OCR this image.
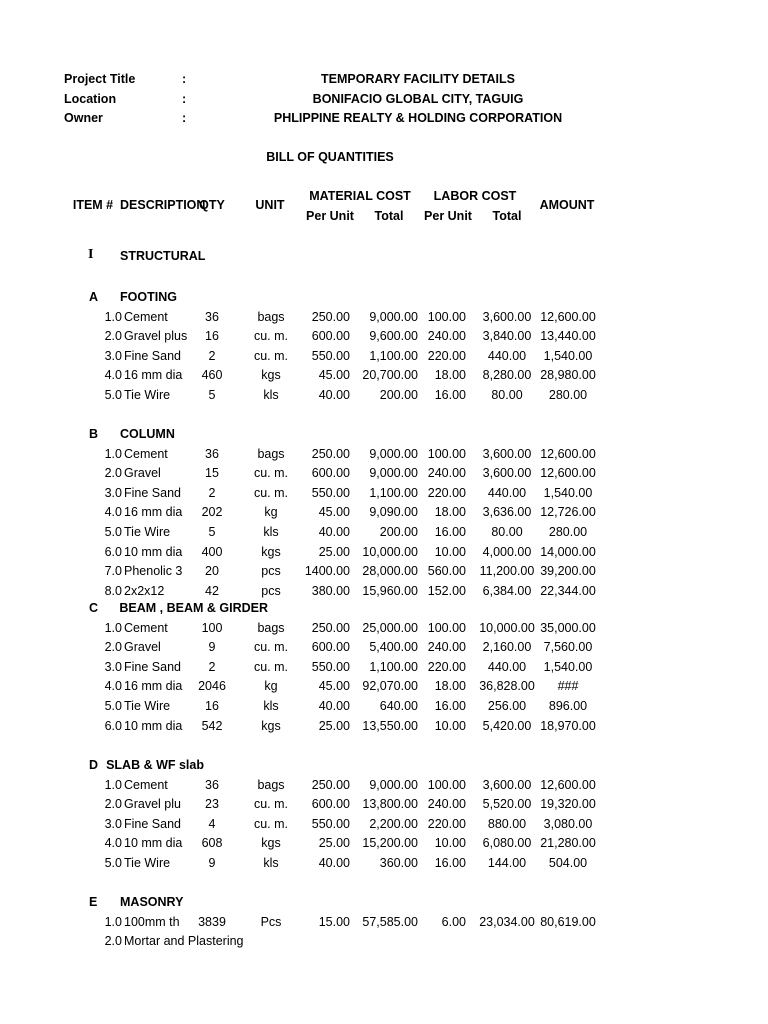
Project Title	:	TEMPORARY FACILITY DETAILS
Location	:	BONIFACIO GLOBAL CITY, TAGUIG
Owner	:	PHLIPPINE REALTY & HOLDING CORPORATION
BILL OF QUANTITIES
ITEM # DESCRIPTION
QTY	UNIT
MATERIAL COST	LABOR COST
AMOUNT
Per Unit	Total	Per Unit	Total
I STRUCTURAL
A FOOTING
1.0 Cement	36	bags	250.00	9,000.00 100.00	3,600.00 12,600.00
2.0 Gravel plus	16	cu. m.	600.00	9,600.00 240.00	3,840.00 13,440.00
3.0 Fine Sand	2	cu. m.	550.00	1,100.00 220.00	440.00	1,540.00
4.0 16 mm dia	460	kgs	45.00 20,700.00	18.00	8,280.00 28,980.00
5.0 Tie Wire	5	kls	40.00	200.00	16.00	80.00	280.00
B COLUMN
1.0 Cement	36	bags	250.00	9,000.00 100.00	3,600.00 12,600.00
2.0 Gravel	15	cu. m.	600.00	9,000.00 240.00	3,600.00 12,600.00
3.0 Fine Sand	2	cu. m.	550.00	1,100.00 220.00	440.00	1,540.00
4.0 16 mm dia	202	kg	45.00	9,090.00	18.00	3,636.00 12,726.00
5.0 Tie Wire	5	kls	40.00	200.00	16.00	80.00	280.00
6.0 10 mm dia	400	kgs	25.00 10,000.00	10.00	4,000.00 14,000.00
7.0 Phenolic 3	20	pcs	1400.00 28,000.00 560.00	11,200.00 39,200.00
8.0 2x2x12	42	pcs	380.00 15,960.00 152.00	6,384.00 22,344.00
C BEAM , BEAM & GIRDER
1.0 Cement	100	bags	250.00 25,000.00 100.00	10,000.00 35,000.00
2.0 Gravel	9	cu. m.	600.00	5,400.00 240.00	2,160.00 7,560.00
3.0 Fine Sand	2	cu. m.	550.00	1,100.00 220.00	440.00	1,540.00
4.0 16 mm dia	2046	kg	45.00 92,070.00	18.00	36,828.00	###
5.0 Tie Wire	16	kls	40.00	640.00	16.00	256.00	896.00
6.0 10 mm dia	542	kgs	25.00 13,550.00	10.00	5,420.00 18,970.00
D SLAB & WF slab
1.0 Cement	36	bags	250.00	9,000.00 100.00	3,600.00 12,600.00
2.0 Gravel plu	23	cu. m.	600.00 13,800.00 240.00	5,520.00 19,320.00
3.0 Fine Sand	4	cu. m.	550.00	2,200.00 220.00	880.00	3,080.00
4.0 10 mm dia	608	kgs	25.00 15,200.00	10.00	6,080.00 21,280.00
5.0 Tie Wire	9	kls	40.00	360.00	16.00	144.00	504.00
E MASONRY
1.0 100mm th	3839	Pcs	15.00 57,585.00	6.00	23,034.00 80,619.00
2.0 Mortar and Plastering
